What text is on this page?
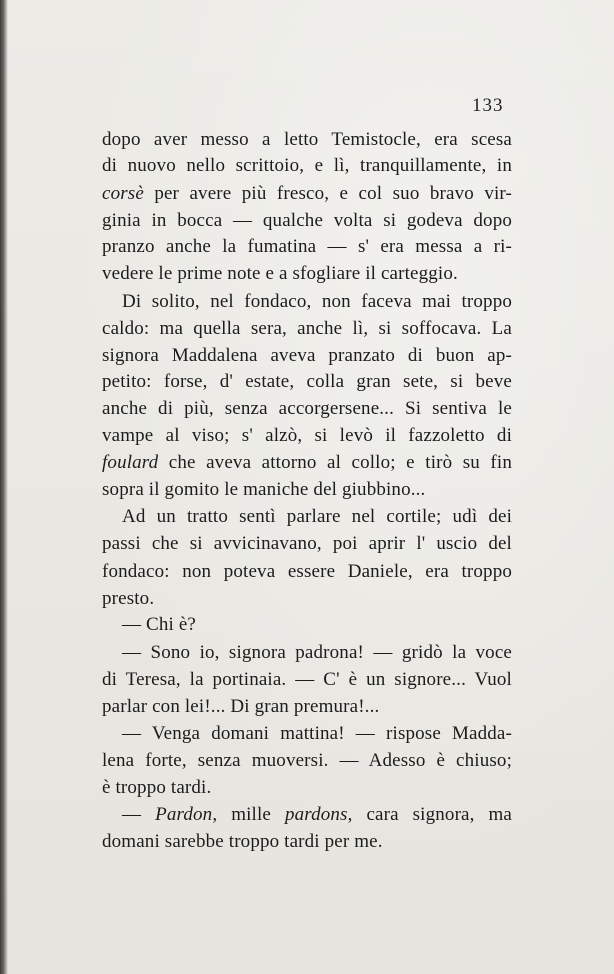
133
dopo aver messo a letto Temistocle, era scesa
di nuovo nello scrittoio, e lì, tranquillamente, in
corsè per avere più fresco, e col suo bravo vir-
ginia in bocca — qualche volta si godeva dopo
pranzo anche la fumatina — s' era messa a ri-
vedere le prime note e a sfogliare il carteggio.
Di solito, nel fondaco, non faceva mai troppo
caldo: ma quella sera, anche lì, si soffocava. La
signora Maddalena aveva pranzato di buon ap-
petito: forse, d' estate, colla gran sete, si beve
anche di più, senza accorgersene... Si sentiva le
vampe al viso; s' alzò, si levò il fazzoletto di
foulard che aveva attorno al collo; e tirò su fin
sopra il gomito le maniche del giubbino...
Ad un tratto sentì parlare nel cortile; udì dei
passi che si avvicinavano, poi aprir l' uscio del
fondaco: non poteva essere Daniele, era troppo
presto.
— Chi è?
— Sono io, signora padrona! — gridò la voce
di Teresa, la portinaia. — C' è un signore... Vuol
parlar con lei!... Di gran premura!...
— Venga domani mattina! — rispose Madda-
lena forte, senza muoversi. — Adesso è chiuso;
è troppo tardi.
— Pardon, mille pardons, cara signora, ma
domani sarebbe troppo tardi per me.
